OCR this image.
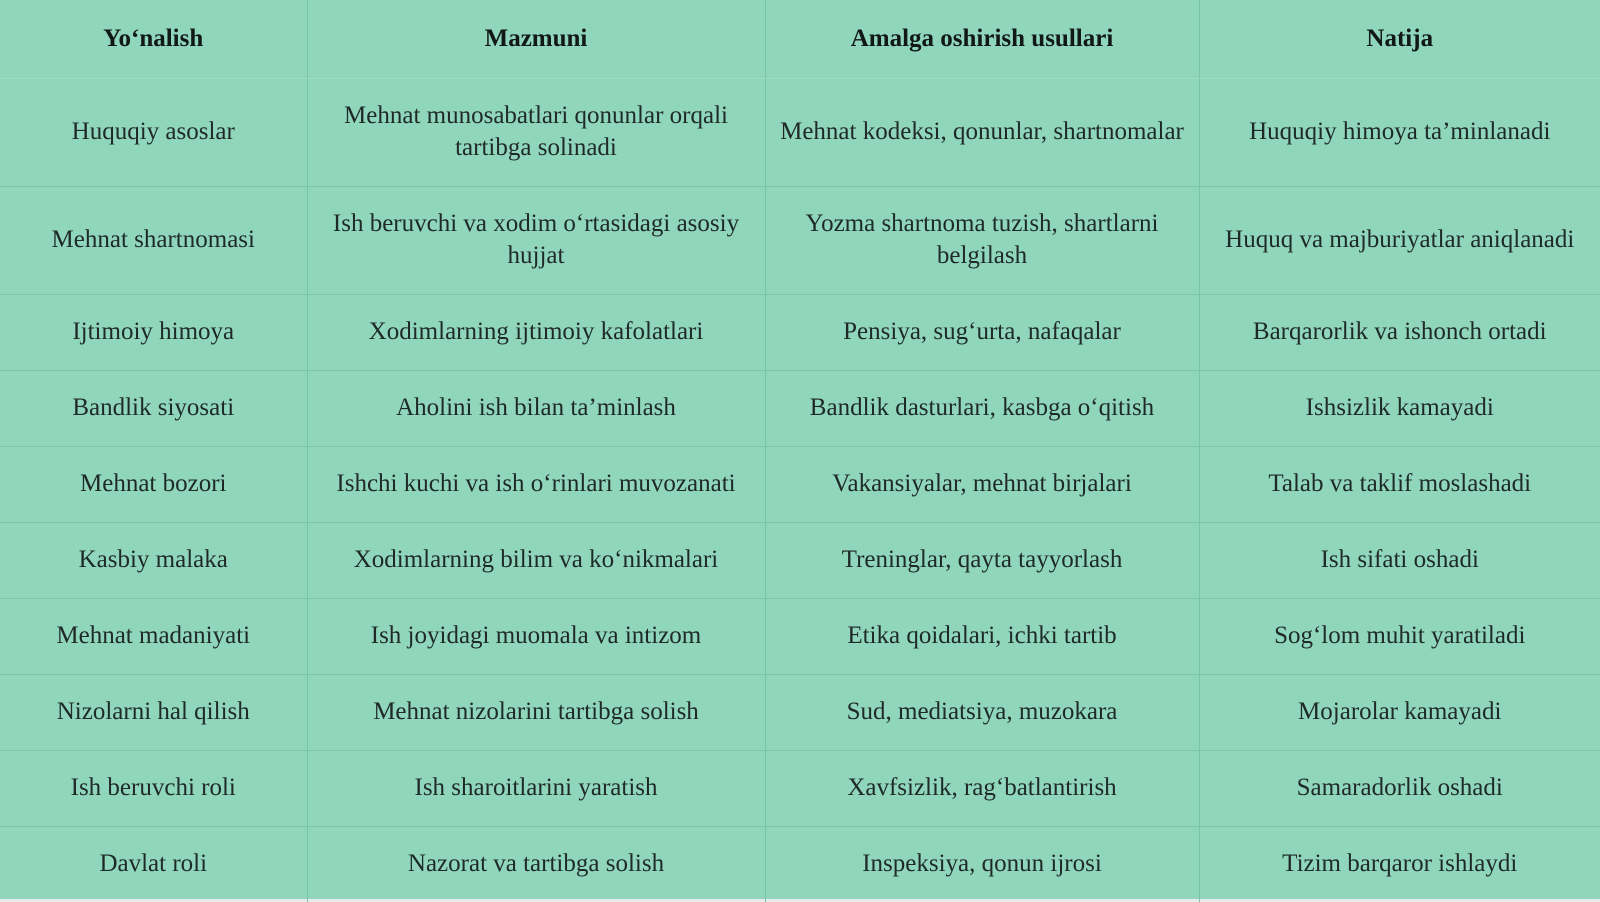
Yo‘nalish	Mazmuni	Amalga oshirish usullari	Natija
Huquqiy asoslar	Mehnat munosabatlari qonunlar orqali tartibga solinadi	Mehnat kodeksi, qonunlar, shartnomalar	Huquqiy himoya ta’minlanadi
Mehnat shartnomasi	Ish beruvchi va xodim o‘rtasidagi asosiy hujjat	Yozma shartnoma tuzish, shartlarni belgilash	Huquq va majburiyatlar aniqlanadi
Ijtimoiy himoya	Xodimlarning ijtimoiy kafolatlari	Pensiya, sug‘urta, nafaqalar	Barqarorlik va ishonch ortadi
Bandlik siyosati	Aholini ish bilan ta’minlash	Bandlik dasturlari, kasbga o‘qitish	Ishsizlik kamayadi
Mehnat bozori	Ishchi kuchi va ish o‘rinlari muvozanati	Vakansiyalar, mehnat birjalari	Talab va taklif moslashadi
Kasbiy malaka	Xodimlarning bilim va ko‘nikmalari	Treninglar, qayta tayyorlash	Ish sifati oshadi
Mehnat madaniyati	Ish joyidagi muomala va intizom	Etika qoidalari, ichki tartib	Sog‘lom muhit yaratiladi
Nizolarni hal qilish	Mehnat nizolarini tartibga solish	Sud, mediatsiya, muzokara	Mojarolar kamayadi
Ish beruvchi roli	Ish sharoitlarini yaratish	Xavfsizlik, rag‘batlantirish	Samaradorlik oshadi
Davlat roli	Nazorat va tartibga solish	Inspeksiya, qonun ijrosi	Tizim barqaror ishlaydi
